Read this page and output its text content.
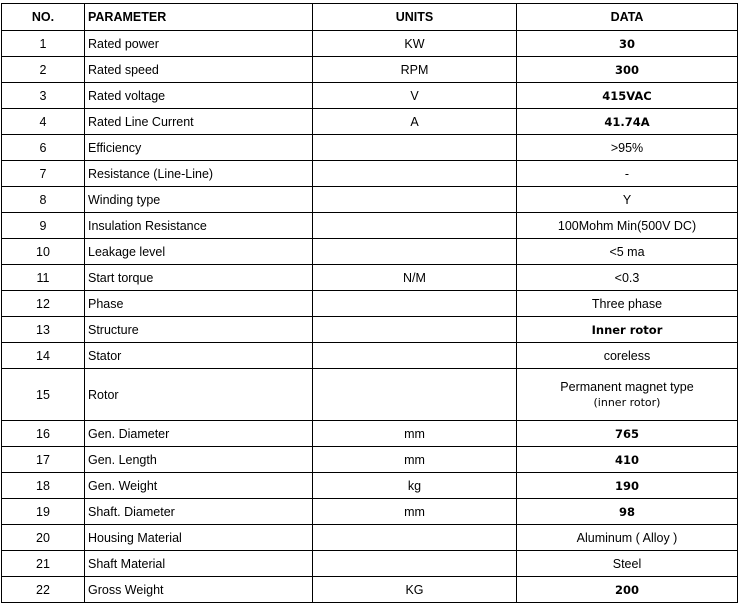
NO.	PARAMETER	UNITS	DATA
1	Rated power	KW	30
2	Rated speed	RPM	300
3	Rated voltage	V	415VAC
4	Rated Line Current	A	41.74A
6	Efficiency		>95%
7	Resistance (Line-Line)		-
8	Winding type		Y
9	Insulation Resistance		100Mohm Min(500V DC)
10	Leakage level		<5 ma
11	Start torque	N/M	<0.3
12	Phase		Three phase
13	Structure		Inner rotor
14	Stator		coreless
15	Rotor		Permanent magnet type
(inner rotor)

16	Gen. Diameter	mm	765
17	Gen. Length	mm	410
18	Gen. Weight	kg	190
19	Shaft. Diameter	mm	98
20	Housing Material		Aluminum ( Alloy )
21	Shaft Material		Steel
22	Gross Weight	KG	200
